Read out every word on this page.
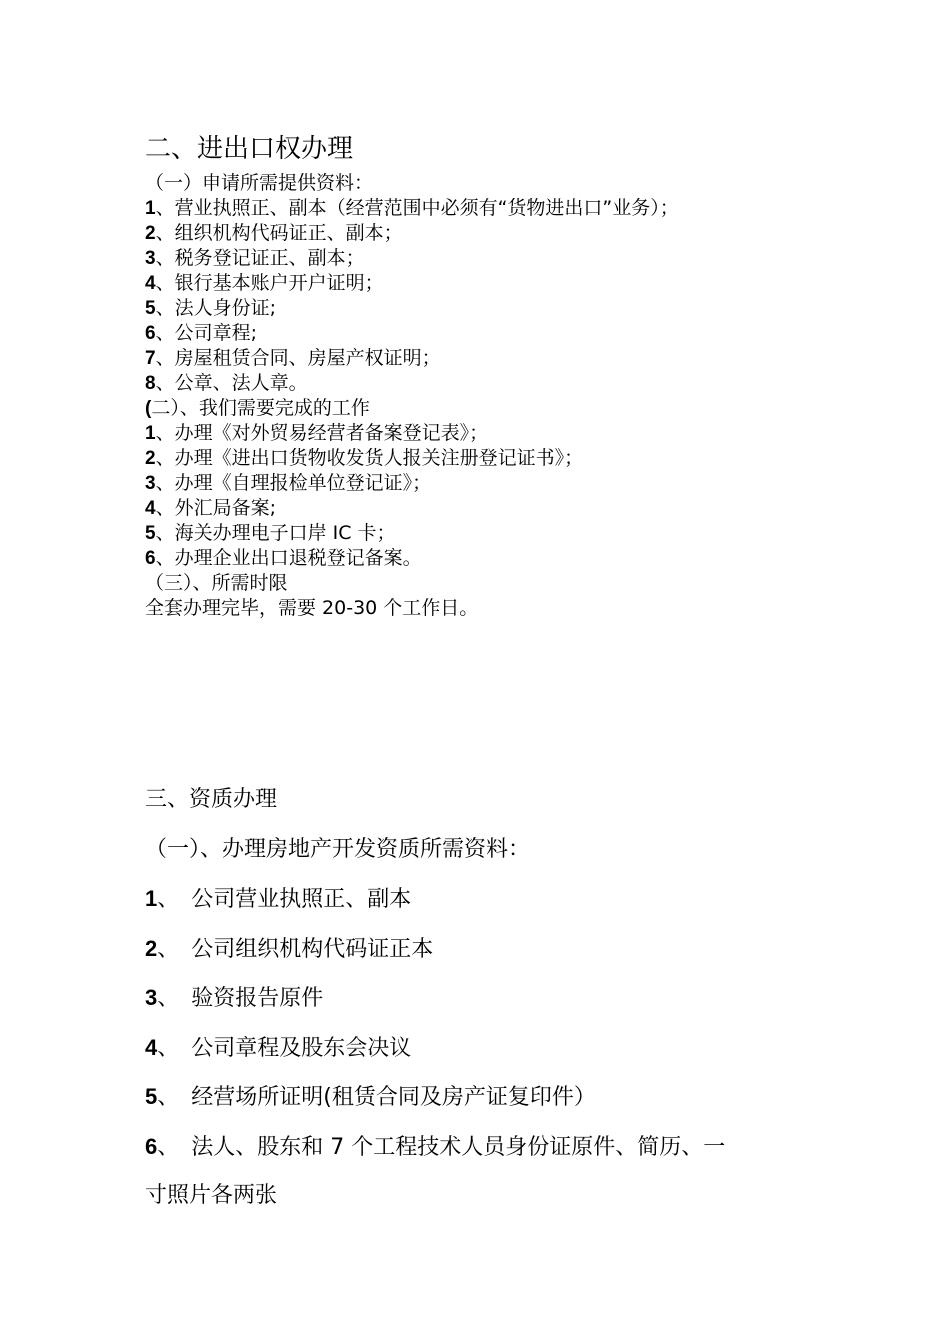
二、进出口权办理
（一）申请所需提供资料：
1、营业执照正、副本（经营范围中必须有“货物进出口”业务）；
2、组织机构代码证正、副本；
3、税务登记证正、副本；
4、银行基本账户开户证明；
5、法人身份证;
6、公司章程;
7、房屋租赁合同、房屋产权证明；
8、公章、法人章。
(二）、我们需要完成的工作
1、办理《对外贸易经营者备案登记表》；
2、办理《进出口货物收发货人报关注册登记证书》；
3、办理《自理报检单位登记证》；
4、外汇局备案;
5、海关办理电子口岸 IC 卡；
6、办理企业出口退税登记备案。
（三）、所需时限
全套办理完毕，需要 20-30 个工作日。
三、资质办理
（一）、办理房地产开发资质所需资料：
1、 公司营业执照正、副本
2、 公司组织机构代码证正本
3、 验资报告原件
4、 公司章程及股东会决议
5、 经营场所证明(租赁合同及房产证复印件）
6、 法人、股东和 7 个工程技术人员身份证原件、简历、一
寸照片各两张
